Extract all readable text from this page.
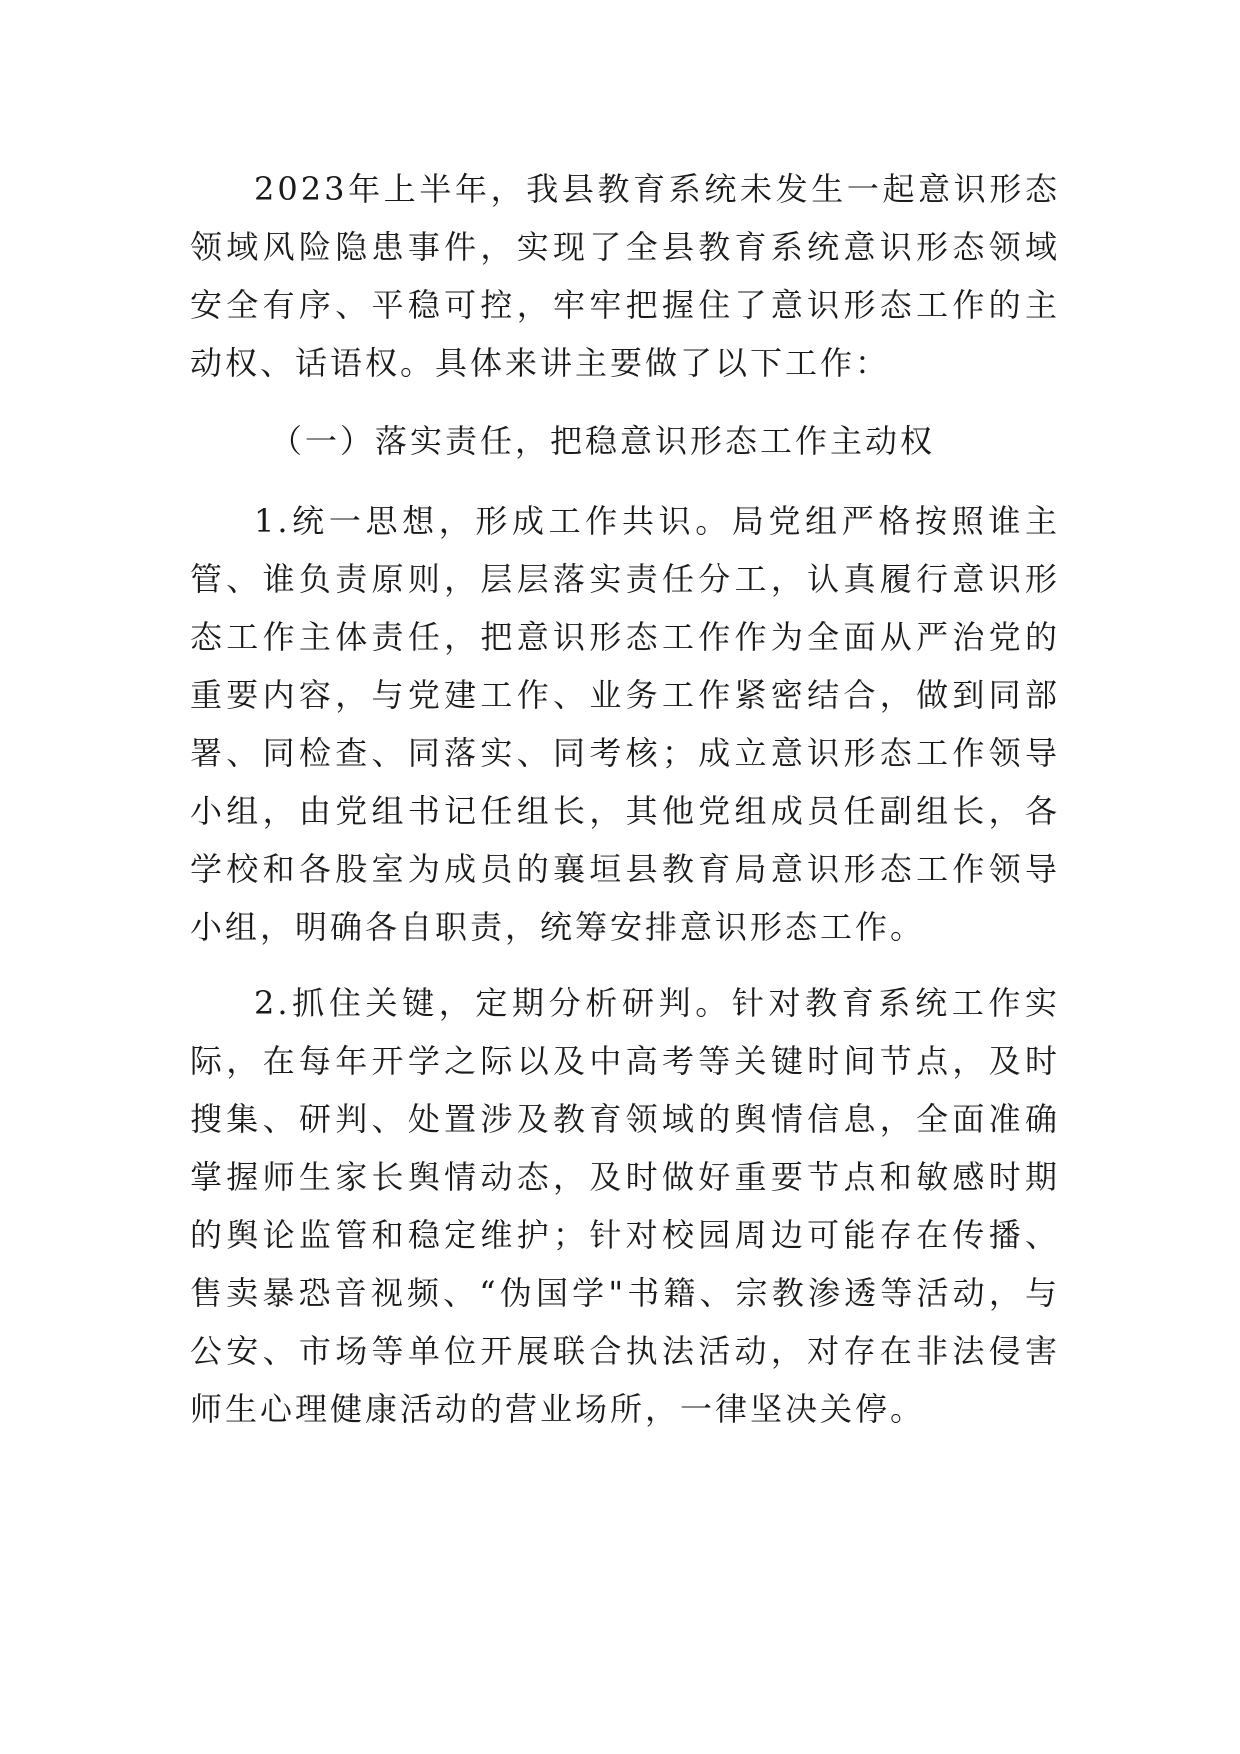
2023年上半年，我县教育系统未发生一起意识形态领域风险隐患事件，实现了全县教育系统意识形态领域安全有序、平稳可控，牢牢把握住了意识形态工作的主动权、话语权。具体来讲主要做了以下工作：

（一）落实责任，把稳意识形态工作主动权

1.统一思想，形成工作共识。局党组严格按照谁主管、谁负责原则，层层落实责任分工，认真履行意识形态工作主体责任，把意识形态工作作为全面从严治党的重要内容，与党建工作、业务工作紧密结合，做到同部署、同检查、同落实、同考核；成立意识形态工作领导小组，由党组书记任组长，其他党组成员任副组长，各学校和各股室为成员的襄垣县教育局意识形态工作领导小组，明确各自职责，统筹安排意识形态工作。

2.抓住关键，定期分析研判。针对教育系统工作实际，在每年开学之际以及中高考等关键时间节点，及时搜集、研判、处置涉及教育领域的舆情信息，全面准确掌握师生家长舆情动态，及时做好重要节点和敏感时期的舆论监管和稳定维护；针对校园周边可能存在传播、售卖暴恐音视频、“伪国学"书籍、宗教渗透等活动，与公安、市场等单位开展联合执法活动，对存在非法侵害师生心理健康活动的营业场所，一律坚决关停。
